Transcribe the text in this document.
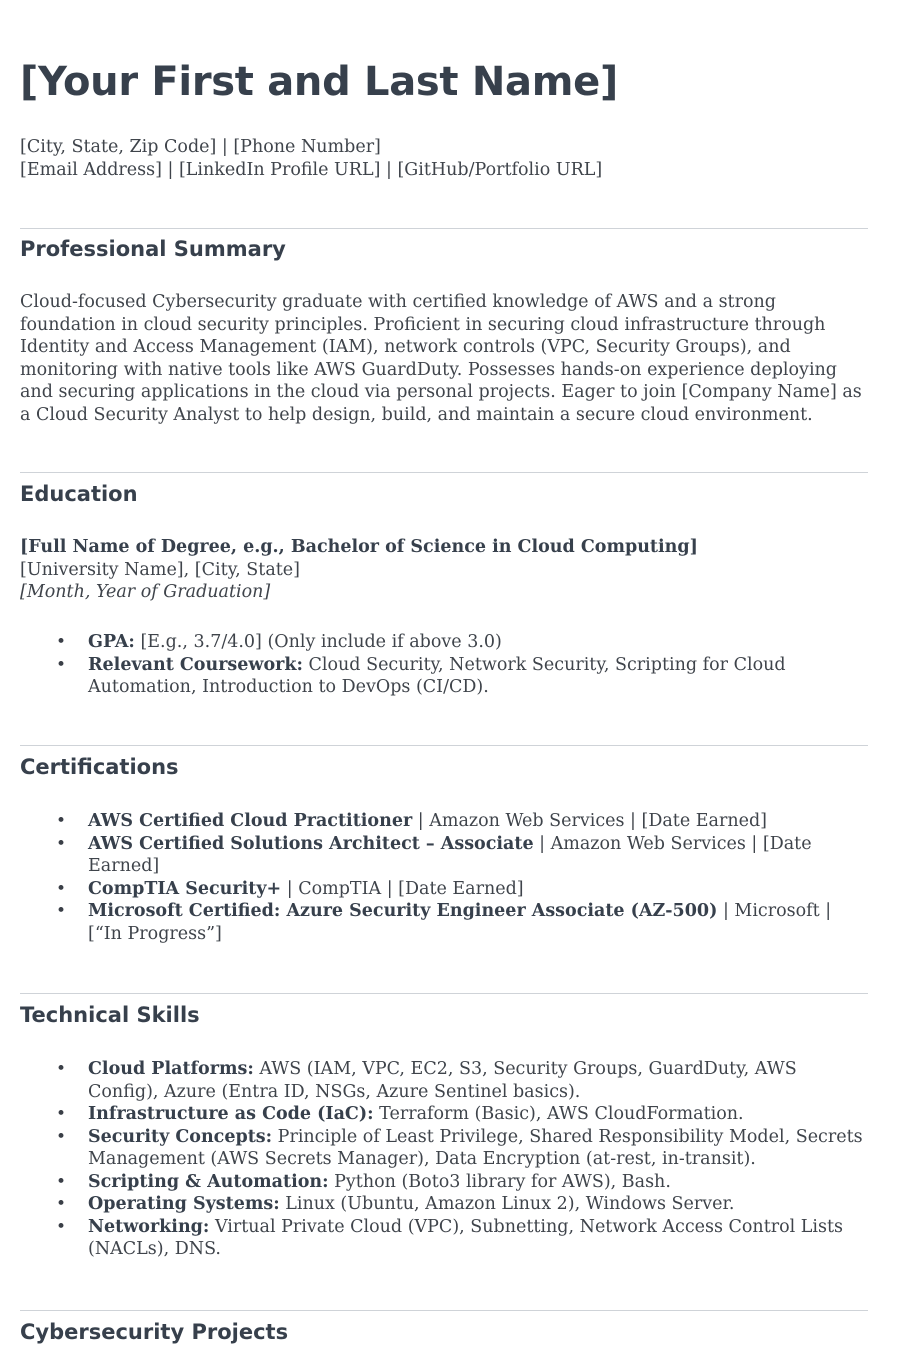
[Your First and Last Name]
[City, State, Zip Code] | [Phone Number]
[Email Address] | [LinkedIn Profile URL] | [GitHub/Portfolio URL]
Professional Summary

Cloud-focused Cybersecurity graduate with certified knowledge of AWS and a strong foundation in cloud security principles. Proficient in securing cloud infrastructure through Identity and Access Management (IAM), network controls (VPC, Security Groups), and monitoring with native tools like AWS GuardDuty. Possesses hands-on experience deploying and securing applications in the cloud via personal projects. Eager to join [Company Name] as a Cloud Security Analyst to help design, build, and maintain a secure cloud environment.

Education
[Full Name of Degree, e.g., Bachelor of Science in Cloud Computing]
[University Name], [City, State]
[Month, Year of Graduation]
• GPA: [E.g., 3.7/4.0] (Only include if above 3.0)
• Relevant Coursework: Cloud Security, Network Security, Scripting for Cloud Automation, Introduction to DevOps (CI/CD).
Certifications
• AWS Certified Cloud Practitioner | Amazon Web Services | [Date Earned]
• AWS Certified Solutions Architect – Associate | Amazon Web Services | [Date Earned]
• CompTIA Security+ | CompTIA | [Date Earned]
• Microsoft Certified: Azure Security Engineer Associate (AZ-500) | Microsoft | [“In Progress”]
Technical Skills
• Cloud Platforms: AWS (IAM, VPC, EC2, S3, Security Groups, GuardDuty, AWS Config), Azure (Entra ID, NSGs, Azure Sentinel basics).
• Infrastructure as Code (IaC): Terraform (Basic), AWS CloudFormation.
• Security Concepts: Principle of Least Privilege, Shared Responsibility Model, Secrets Management (AWS Secrets Manager), Data Encryption (at-rest, in-transit).
• Scripting & Automation: Python (Boto3 library for AWS), Bash.
• Operating Systems: Linux (Ubuntu, Amazon Linux 2), Windows Server.
• Networking: Virtual Private Cloud (VPC), Subnetting, Network Access Control Lists (NACLs), DNS.
Cybersecurity Projects
